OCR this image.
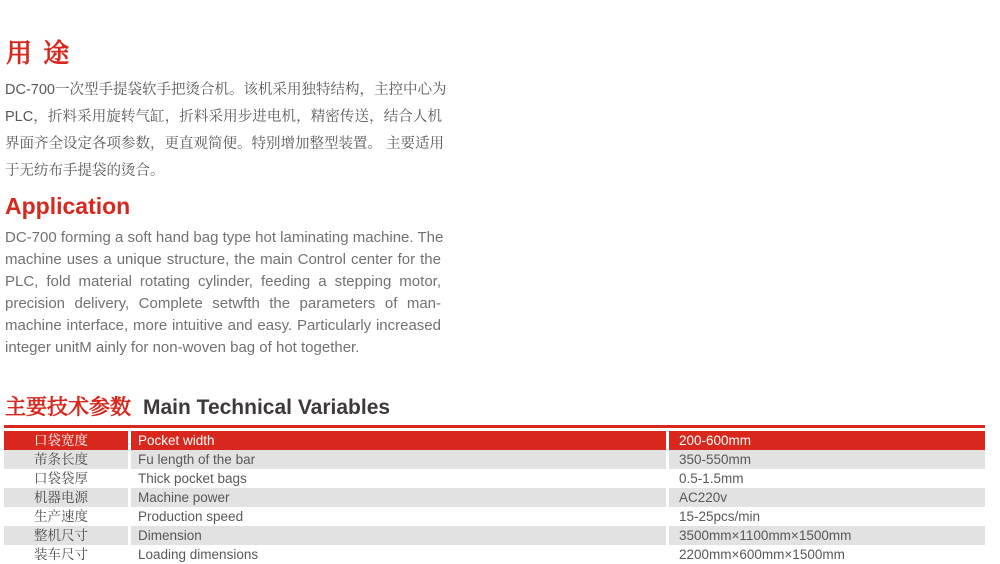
用 途
DC-700一次型手提袋软手把烫合机。该机采用独特结构，主控中心为
PLC，折料采用旋转气缸，折料采用步进电机，精密传送，结合人机
界面齐全设定各项参数，更直观简便。特别增加整型装置。 主要适用
于无纺布手提袋的烫合。
Application
DC-700 forming a soft hand bag type hot laminating machine. The
machine uses a unique structure, the main Control center for the
PLC, fold material rotating cylinder, feeding a stepping motor,
precision delivery, Complete setwfth the parameters of man-
machine interface, more intuitive and easy. Particularly increased
integer unitM ainly for non-woven bag of hot together.
主要技术参数 Main Technical Variables
口袋宽度	Pocket width	200-600mm
芾条长度	Fu length of the bar	350-550mm
口袋袋厚	Thick pocket bags	0.5-1.5mm
机器电源	Machine power	AC220v
生产速度	Production speed	15-25pcs/min
整机尺寸	Dimension	3500mm×1100mm×1500mm
装车尺寸	Loading dimensions	2200mm×600mm×1500mm
